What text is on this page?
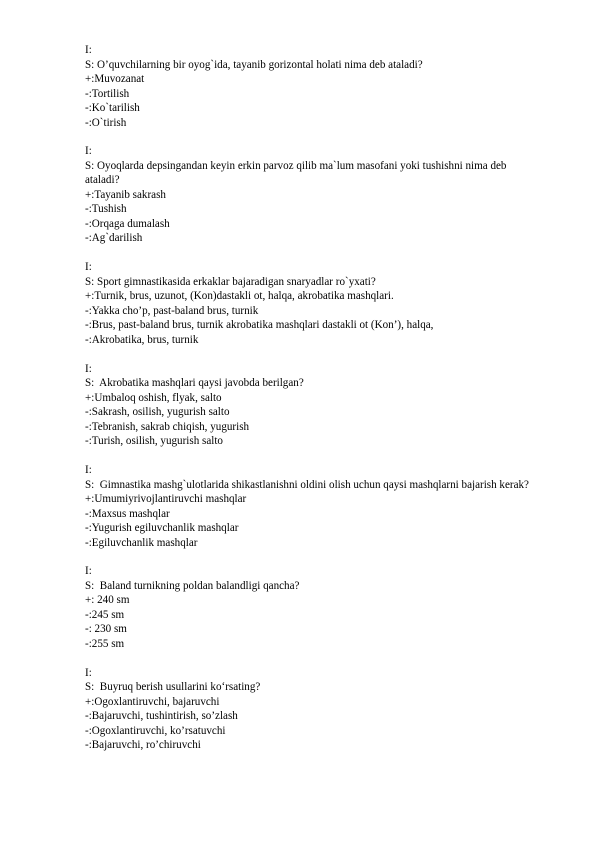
I:
S: O’quvchilarning bir oyog`ida, tayanib gorizontal holati nima deb ataladi?
+:Muvozanat
-:Tortilish
-:Ko`tarilish
-:O`tirish
I:
S: Oyoqlarda depsingandan keyin erkin parvoz qilib ma`lum masofani yoki tushishni nima deb ataladi?
+:Tayanib sakrash
-:Tushish
-:Orqaga dumalash
-:Ag`darilish
I:
S: Sport gimnastikasida erkaklar bajaradigan snaryadlar ro`yxati?
+:Turnik, brus, uzunot, (Kon)dastakli ot, halqa, akrobatika mashqlari.
-:Yakka cho’p, past-baland brus, turnik
-:Brus, past-baland brus, turnik akrobatika mashqlari dastakli ot (Kon’), halqa,
-:Akrobatika, brus, turnik
I:
S:  Akrobatika mashqlari qaysi javobda berilgan?
+:Umbaloq oshish, flyak, salto
-:Sakrash, osilish, yugurish salto
-:Tebranish, sakrab chiqish, yugurish
-:Turish, osilish, yugurish salto
I:
S:  Gimnastika mashg`ulotlarida shikastlanishni oldini olish uchun qaysi mashqlarni bajarish kerak?
+:Umumiyrivojlantiruvchi mashqlar
-:Maxsus mashqlar
-:Yugurish egiluvchanlik mashqlar
-:Egiluvchanlik mashqlar
I:
S:  Baland turnikning poldan balandligi qancha?
+: 240 sm
-:245 sm
-: 230 sm
-:255 sm
I:
S:  Buyruq berish usullarini ko‘rsating?
+:Ogoxlantiruvchi, bajaruvchi
-:Bajaruvchi, tushintirish, so’zlash
-:Ogoxlantiruvchi, ko’rsatuvchi
-:Bajaruvchi, ro’chiruvchi
